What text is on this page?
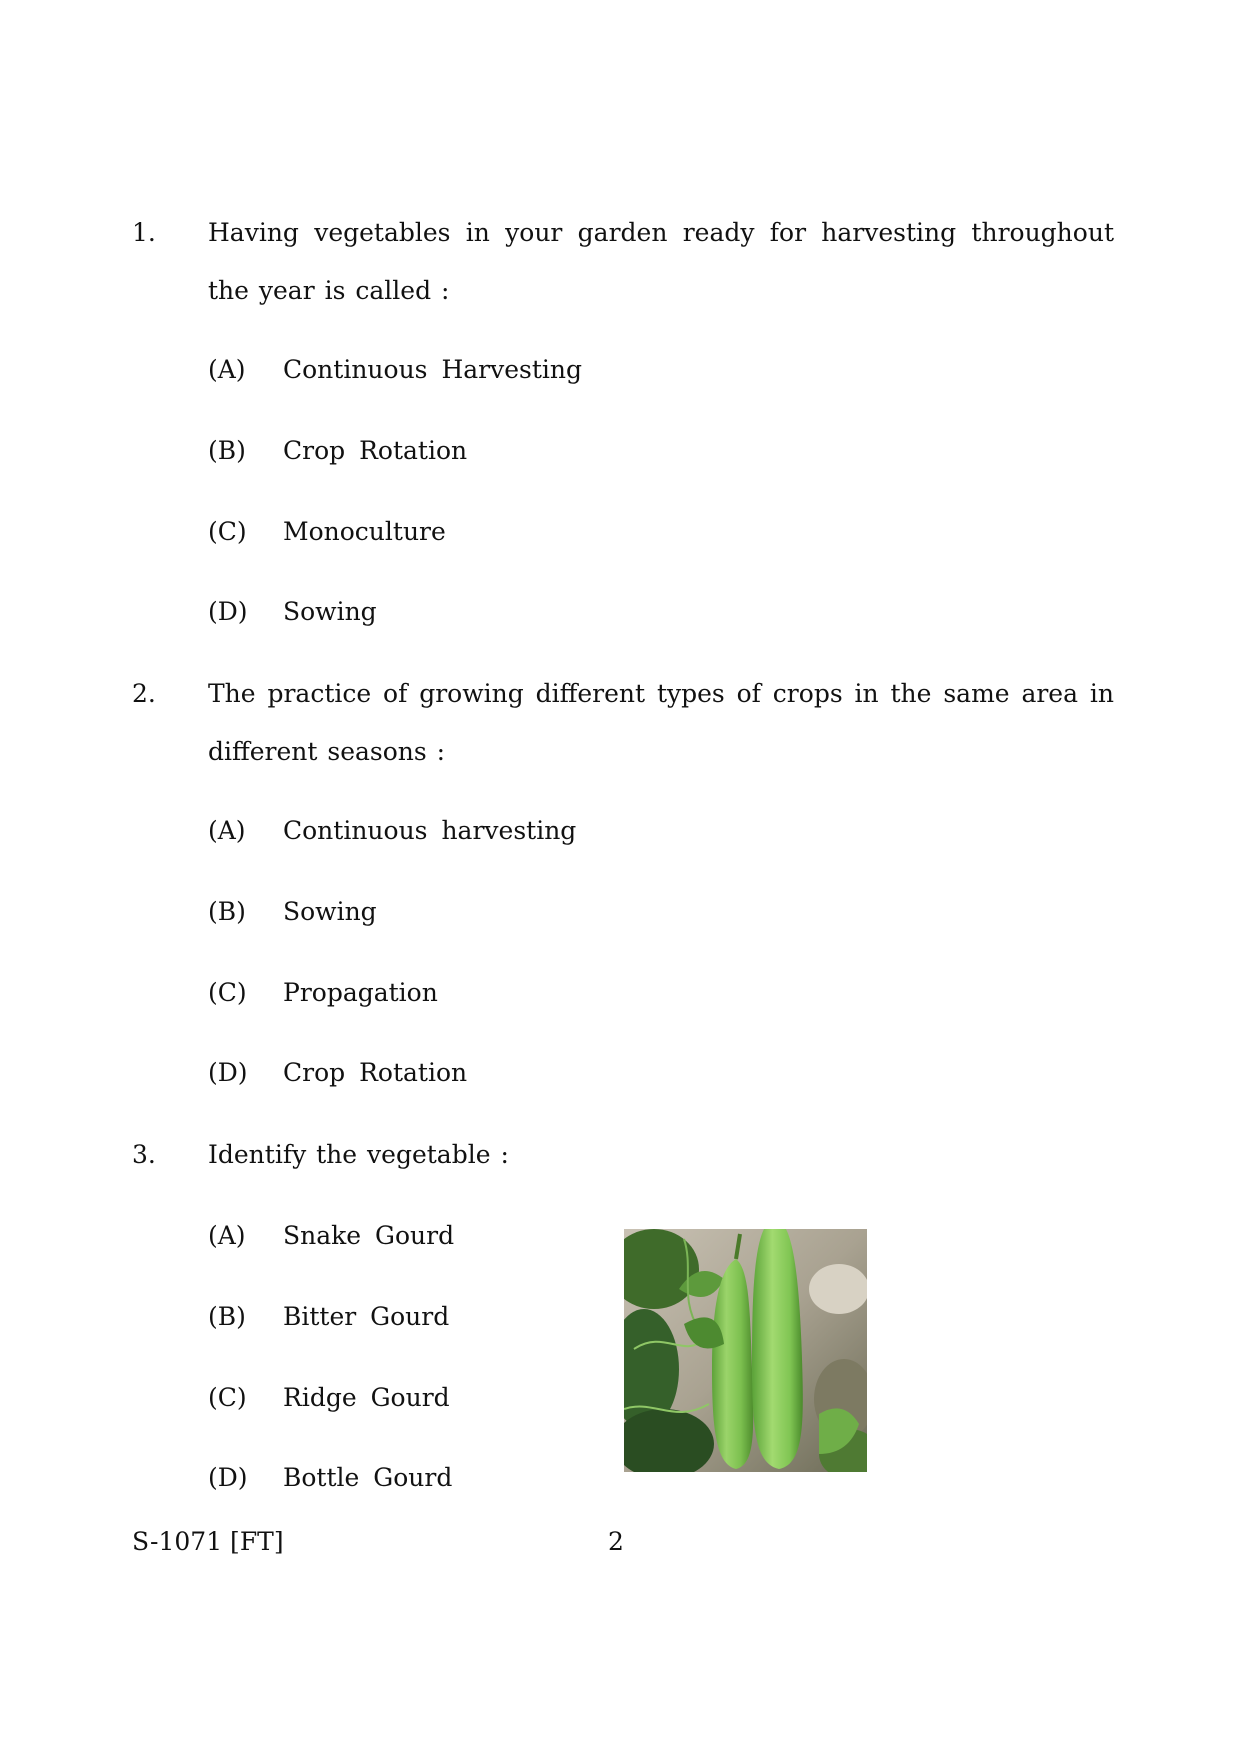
1. Having vegetables in your garden ready for harvesting throughout the year is called :
(A) Continuous Harvesting
(B) Crop Rotation
(C) Monoculture
(D) Sowing
2. The practice of growing different types of crops in the same area in different seasons :
(A) Continuous harvesting
(B) Sowing
(C) Propagation
(D) Crop Rotation
3. Identify the vegetable :
(A) Snake Gourd
(B) Bitter Gourd
(C) Ridge Gourd
(D) Bottle Gourd
S-1071 [FT]	2
